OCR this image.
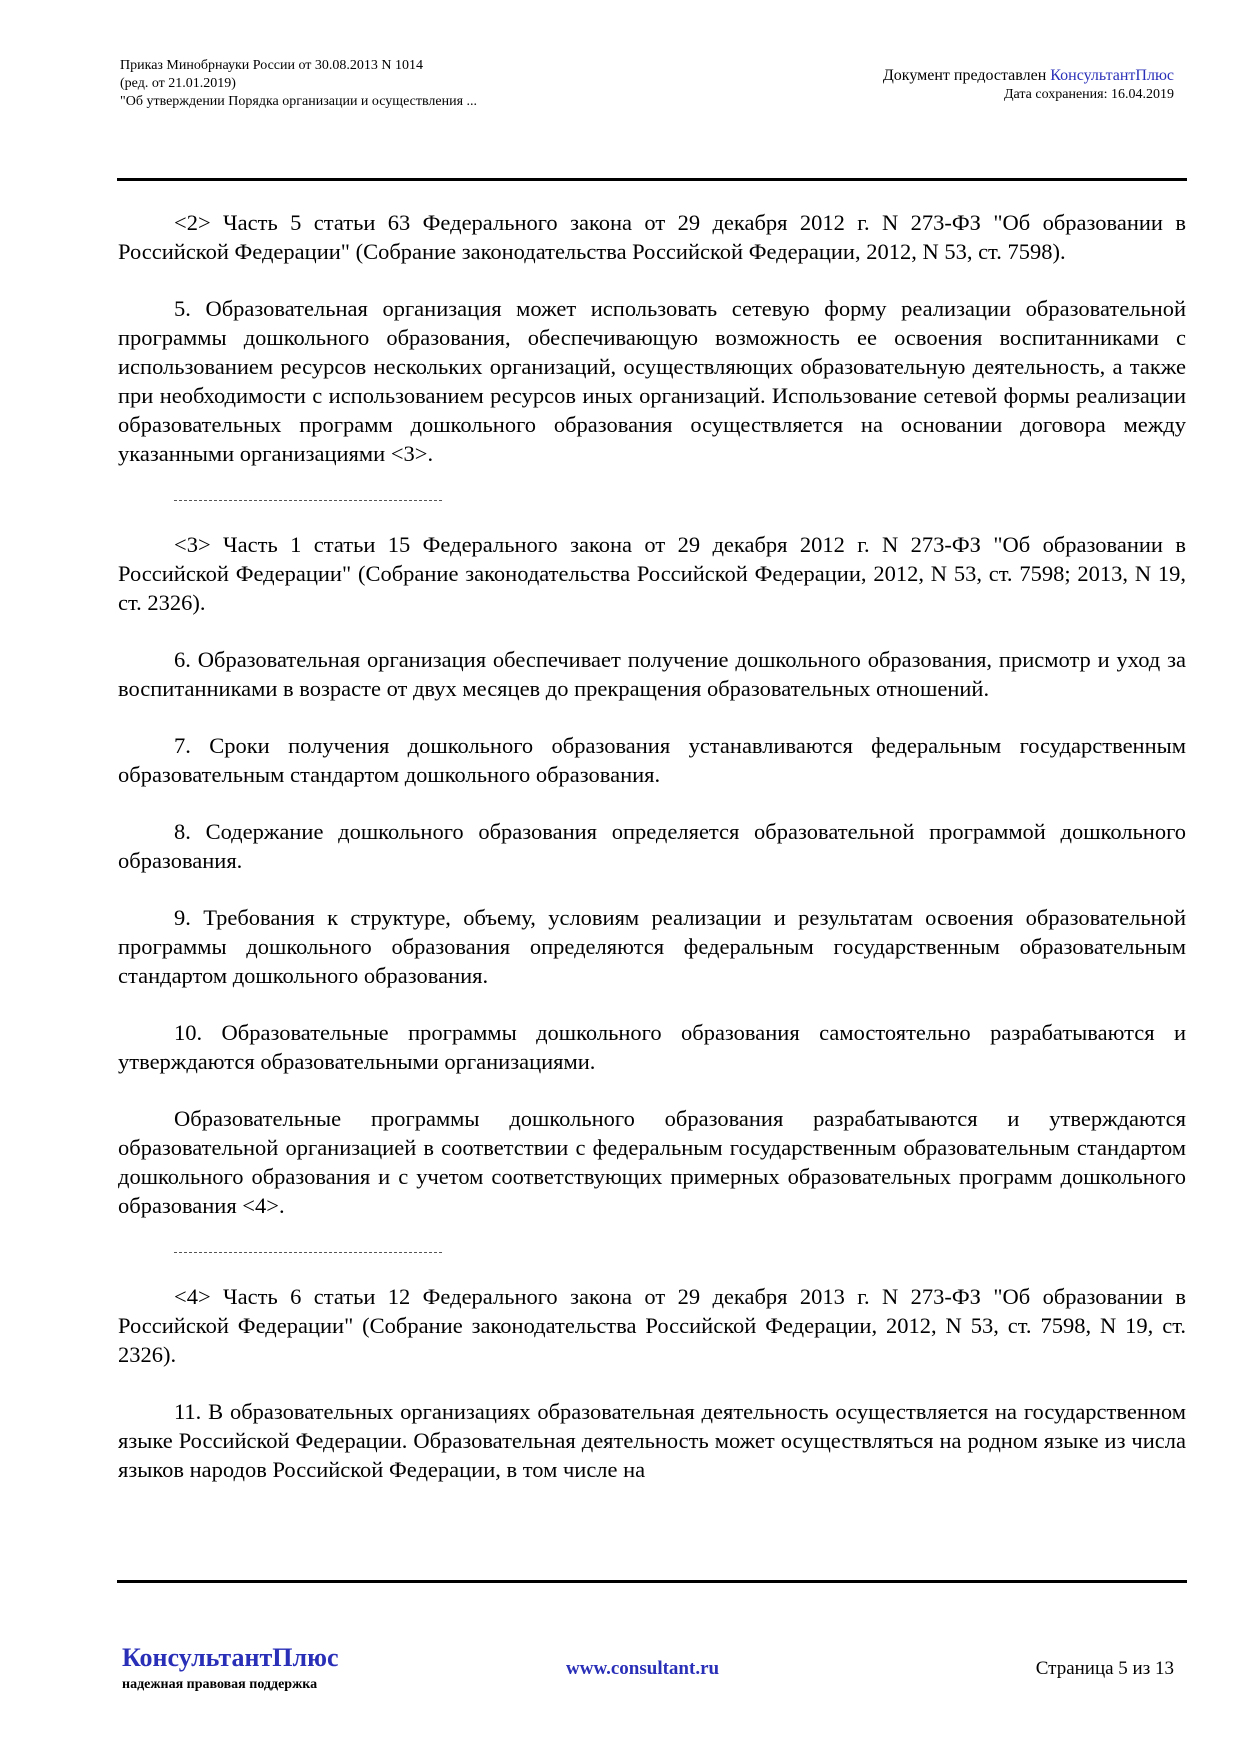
Приказ Минобрнауки России от 30.08.2013 N 1014
(ред. от 21.01.2019)
"Об утверждении Порядка организации и осуществления ...
Документ предоставлен КонсультантПлюс
Дата сохранения: 16.04.2019

<2> Часть 5 статьи 63 Федерального закона от 29 декабря 2012 г. N 273-ФЗ "Об образовании в Российской Федерации" (Собрание законодательства Российской Федерации, 2012, N 53, ст. 7598).

5. Образовательная организация может использовать сетевую форму реализации образовательной программы дошкольного образования, обеспечивающую возможность ее освоения воспитанниками с использованием ресурсов нескольких организаций, осуществляющих образовательную деятельность, а также при необходимости с использованием ресурсов иных организаций. Использование сетевой формы реализации образовательных программ дошкольного образования осуществляется на основании договора между указанными организациями <3>.

<3> Часть 1 статьи 15 Федерального закона от 29 декабря 2012 г. N 273-ФЗ "Об образовании в Российской Федерации" (Собрание законодательства Российской Федерации, 2012, N 53, ст. 7598; 2013, N 19, ст. 2326).

6. Образовательная организация обеспечивает получение дошкольного образования, присмотр и уход за воспитанниками в возрасте от двух месяцев до прекращения образовательных отношений.

7. Сроки получения дошкольного образования устанавливаются федеральным государственным образовательным стандартом дошкольного образования.

8. Содержание дошкольного образования определяется образовательной программой дошкольного образования.

9. Требования к структуре, объему, условиям реализации и результатам освоения образовательной программы дошкольного образования определяются федеральным государственным образовательным стандартом дошкольного образования.

10. Образовательные программы дошкольного образования самостоятельно разрабатываются и утверждаются образовательными организациями.

Образовательные программы дошкольного образования разрабатываются и утверждаются образовательной организацией в соответствии с федеральным государственным образовательным стандартом дошкольного образования и с учетом соответствующих примерных образовательных программ дошкольного образования <4>.

<4> Часть 6 статьи 12 Федерального закона от 29 декабря 2013 г. N 273-ФЗ "Об образовании в Российской Федерации" (Собрание законодательства Российской Федерации, 2012, N 53, ст. 7598, N 19, ст. 2326).

11. В образовательных организациях образовательная деятельность осуществляется на государственном языке Российской Федерации. Образовательная деятельность может осуществляться на родном языке из числа языков народов Российской Федерации, в том числе на

КонсультантПлюс
надежная правовая поддержка
www.consultant.ru	Страница 5 из 13
